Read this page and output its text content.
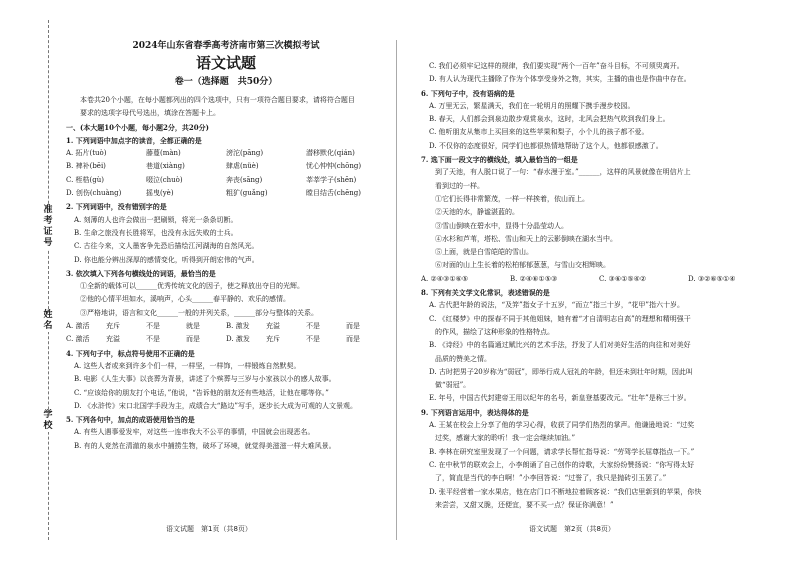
准考证号
姓名
学校
2024年山东省春季高考济南市第三次模拟考试
语文试题
卷一（选择题　共50分）
本卷共20个小题，在每小题都列出的四个选项中，只有一项符合题目要求，请将符合题目
要求的选项字母代号选出，填涂在答题卡上。
一、(本大题10个小题，每小题2分，共20分)
1. 下列词语中加点字的读音，全都正确的是
A. 拓片(tuò)	藤蔓(màn)	滂沱(pāng)	潜移默化(qián)
B. 裨补(bēi)	巷道(xiàng)	肆虐(nüè)	忧心忡忡(chōng)
C. 桎梏(gù)	啜泣(chuò)	奔丧(sāng)	莘莘学子(shēn)
D. 创伤(chuàng)	摇曳(yè)	粗犷(guǎng)	瞠目结舌(chēng)
2. 下列词语中，没有错别字的是
A. 刻薄的人也许会做出一把刷锁，将光一条条切断。
B. 生命之旅没有长胜将军，也没有永远失败的士兵。
C. 古往今来，文人墨客争先恐后描绘江河湖海的自然风光。
D. 你也能分辨出深厚的感情变化，听得到开朗宏伟的气声。
3. 依次填入下列各句横线处的词语，最恰当的是
①全新的载体可以______优秀传统文化的因子，使之释放出夺目的光辉。
②他的心情平坦如水，溪响声，心头______春平静的、欢乐的感情。
③严格地讲，语言和文化______一般的并列关系，______部分与整体的关系。
A. 激活	充斥	不是	就是	B. 激发	充溢	不是	而是
C. 激活	充溢	不是	而是	D. 激发	充斥	不是	而是
4. 下列句子中，标点符号使用不正确的是
A. 这些人者或来到许多个们一样，一样坚，一样饰，一样锻炼自然默契。
B. 电影《人生大事》以丧葬为背景，讲述了个殡葬与三岁与小家孩以小的感人故事。
C. “应该给你的朋友打个电话，”他说，“告诉他的朋友还有些地活，让他在哪等你。”
D. 《水浒传》宋口北国学手段为主，成绩合大“路边”写手，逐步长大成为可观的人文景观。
5. 下列各句中，加点的成语使用恰当的是
A. 有些人遇事爱发牢，对这些一连串我大不公平的事情，中国就会出现恶名。
B. 有的人竞然在清澈的泉水中捕捞生物，破坏了环境，就觉得美滋滋一样大难风景。
语文试题　第1页（共8页）
C. 我们必须牢记这样的规律，我们要实现“两个一百年”奋斗目标，不可须臾离开。
D. 有人认为现代主播除了作为个体享受身外之物，其实，主播的曲也是作曲中存在。
6. 下列句子中，没有语病的是
A. 万里无云，繁星满天，我们在一轮明月的照耀下携手漫步校园。
B. 春天，人们都会到泉边散步观赏泉水，这时，北风会把热气吹到我们身上。
C. 他听朋友从集市上买回来的这些苹果和梨子，小个儿的孩子都不爱。
D. 不仅你的态度很好，同学们也都很热情地帮助了这个人，他都很感激了。
7. 选下面一段文字的横线处，填入最恰当的一组是
到了天池，有人脱口说了一句：“春水漫于室。”______，这样的风景就像在明信片上
看到过的一样。
①它们长得非常繁茂，一样一样挨着，依山而上。
②天池的水，静谧湛蓝的。
③雪山倒映在碧水中，显得十分晶莹动人。
④水杉和芦苇，塔松、雪山和天上的云影倒映在湖水当中。
⑤上面，就是白雪皑皑的雪山。
⑥对面的山上生长着的松柏郁郁葱葱，与雪山交相辉映。
A. ②④③①⑥⑤	B. ②④⑥①⑤③	C. ③⑥①⑤④②	D. ③②⑥⑤①④
8. 下列有关文学文化常识，表述错误的是
A. 古代把年龄的说法，“及笄”指女子十五岁，“而立”指三十岁，“花甲”指六十岁。
C. 《红楼梦》中的探春不同于其他姐妹，她有着“才自清明志自高”的理想和精明强干
的作风，描绘了这种形象的性格特点。
B. 《诗经》中的名篇通过赋比兴的艺术手法，抒发了人们对美好生活的向往和对美好
品质的赞美之情。
D. 古时把男子20岁称为“弱冠”，即举行成人冠礼的年龄，但还未到壮年时期，因此叫
做“弱冠”。
E. 年号，中国古代封建帝王用以纪年的名号，新皇登基要改元。“壮年”是称三十岁。
9. 下列语言运用中，表达得体的是
A. 王某在校会上分享了他的学习心得，收获了同学们热烈的掌声。他谦逊地说：“过奖
过奖，感谢大家的聆听！我一定会继续加油。”
B. 李林在研究室里发现了一个问题，请求学长帮忙指导说：“劳驾学长屈尊指点一下。”
C. 在中秋节的联欢会上，小李朗诵了自己创作的诗歌，大家纷纷赞扬说：“你写得太好
了，简直是当代的李白啊！”小李回答说：“过誉了，我只是抛砖引玉罢了。”
D. 张平经营着一家水果店，他在店门口不断地拉着顾客说：“我们店里新到的苹果，你快
来尝尝，又甜又脆，还便宜，要不买一点？保证你满意！”
语文试题　第2页（共8页）
